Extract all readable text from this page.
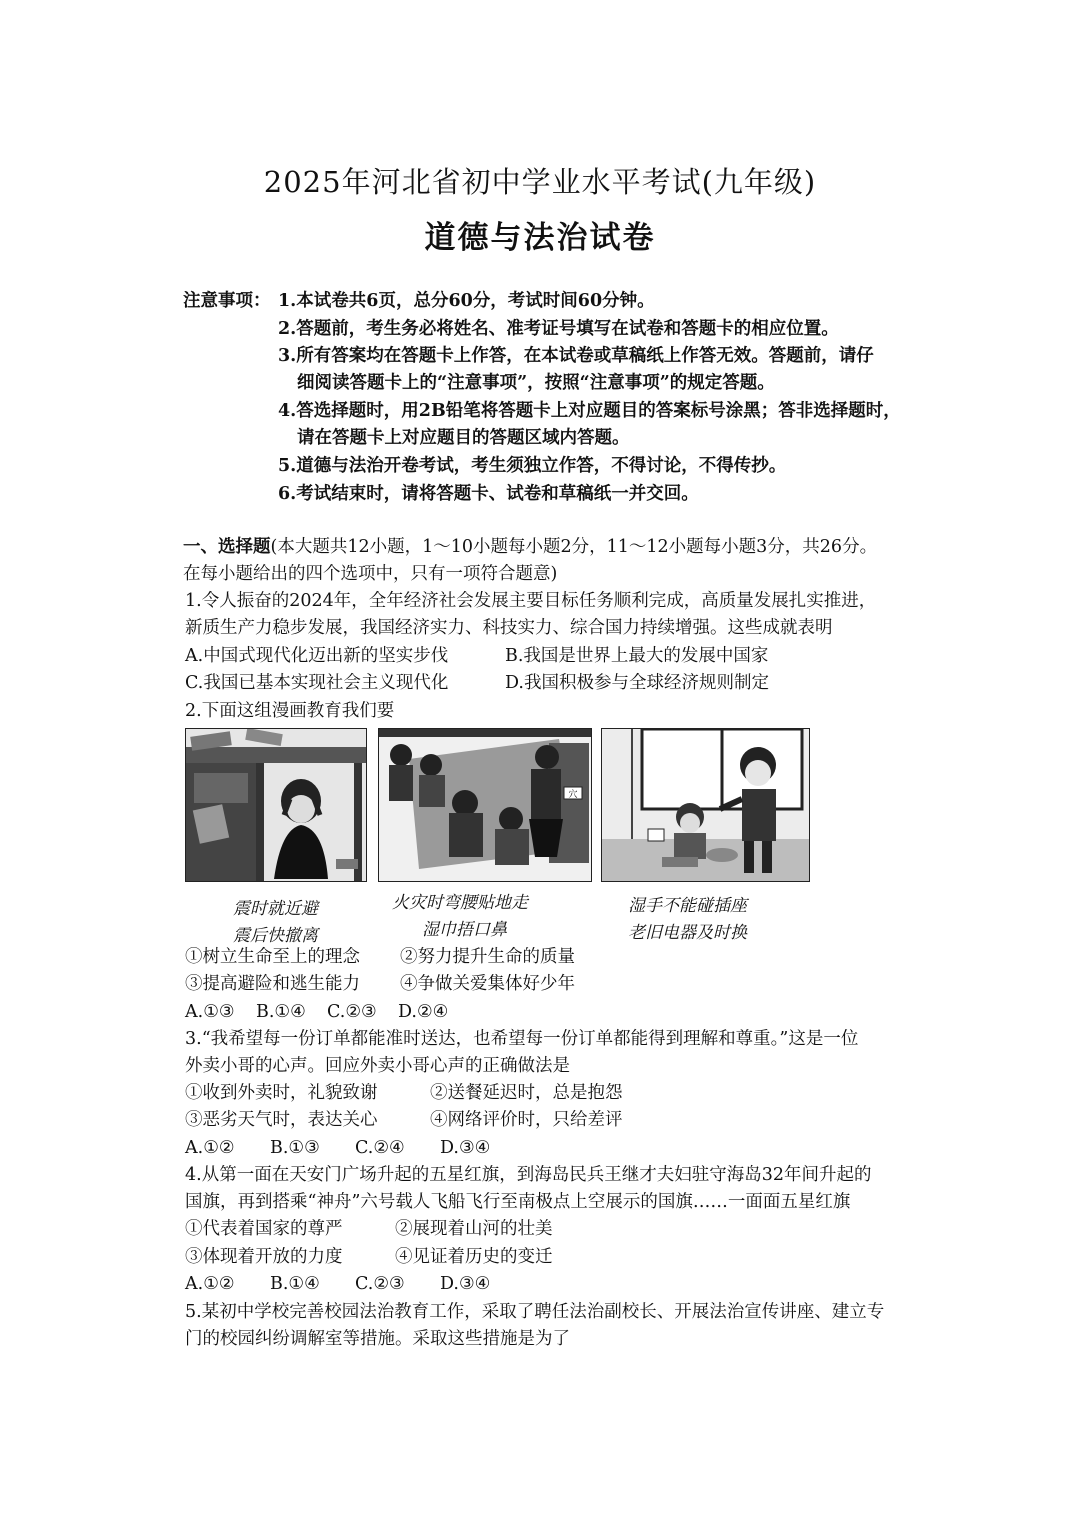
2025年河北省初中学业水平考试(九年级)
道德与法治试卷
注意事项： 1.本试卷共6页，总分60分，考试时间60分钟。
2.答题前，考生务必将姓名、准考证号填写在试卷和答题卡的相应位置。
3.所有答案均在答题卡上作答，在本试卷或草稿纸上作答无效。答题前，请仔
细阅读答题卡上的“注意事项”，按照“注意事项”的规定答题。
4.答选择题时，用2B铅笔将答题卡上对应题目的答案标号涂黑；答非选择题时，
请在答题卡上对应题目的答题区域内答题。
5.道德与法治开卷考试，考生须独立作答，不得讨论，不得传抄。
6.考试结束时，请将答题卡、试卷和草稿纸一并交回。
一、选择题(本大题共12小题，1～10小题每小题2分，11～12小题每小题3分，共26分。
在每小题给出的四个选项中，只有一项符合题意)
1.令人振奋的2024年，全年经济社会发展主要目标任务顺利完成，高质量发展扎实推进，
新质生产力稳步发展，我国经济实力、科技实力、综合国力持续增强。这些成就表明
A.中国式现代化迈出新的坚实步伐	B.我国是世界上最大的发展中国家
C.我国已基本实现社会主义现代化	D.我国积极参与全球经济规则制定
2.下面这组漫画教育我们要
穴
震时就近避
震后快撤离
火灾时弯腰贴地走
湿巾捂口鼻
湿手不能碰插座
老旧电器及时换
①树立生命至上的理念 ②努力提升生命的质量
③提高避险和逃生能力 ④争做关爱集体好少年
A.①③ B.①④ C.②③ D.②④
3.“我希望每一份订单都能准时送达，也希望每一份订单都能得到理解和尊重。”这是一位
外卖小哥的心声。回应外卖小哥心声的正确做法是
①收到外卖时，礼貌致谢	②送餐延迟时，总是抱怨
③恶劣天气时，表达关心	④网络评价时，只给差评
A.①② B.①③ C.②④ D.③④
4.从第一面在天安门广场升起的五星红旗，到海岛民兵王继才夫妇驻守海岛32年间升起的
国旗，再到搭乘“神舟”六号载人飞船飞行至南极点上空展示的国旗……一面面五星红旗
①代表着国家的尊严	②展现着山河的壮美
③体现着开放的力度	④见证着历史的变迁
A.①② B.①④ C.②③ D.③④
5.某初中学校完善校园法治教育工作，采取了聘任法治副校长、开展法治宣传讲座、建立专
门的校园纠纷调解室等措施。采取这些措施是为了
